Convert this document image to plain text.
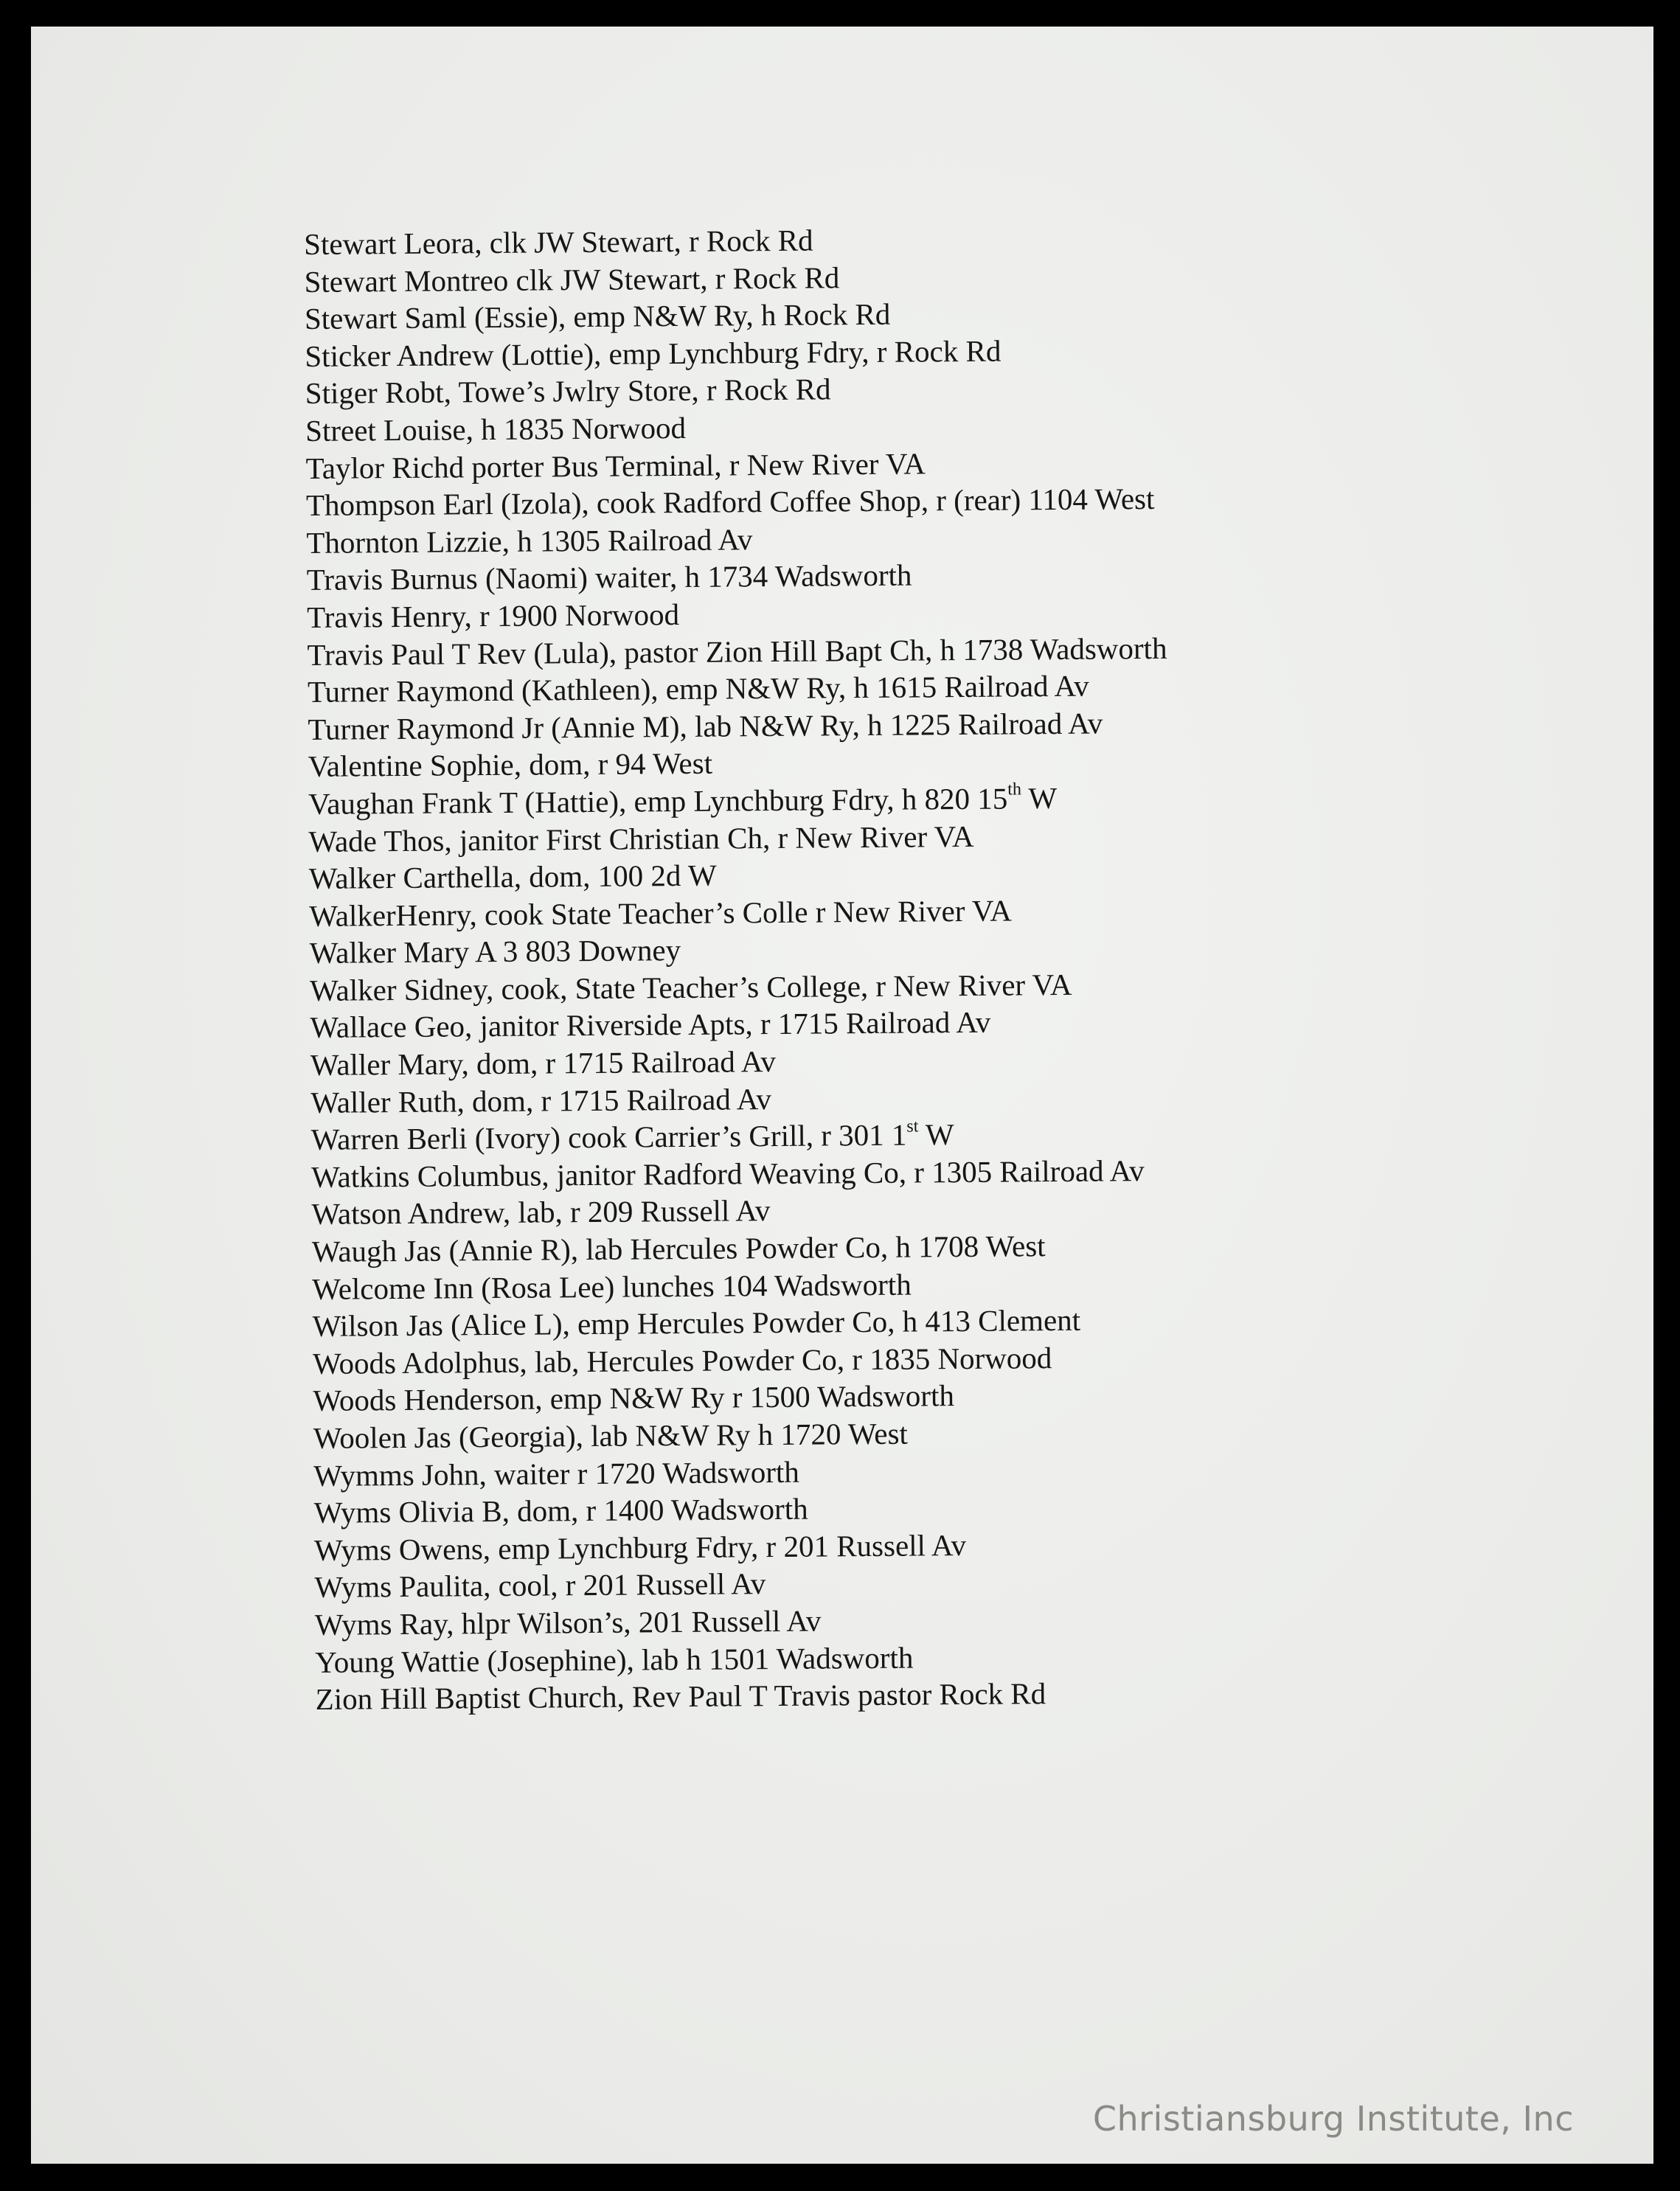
Stewart Leora, clk JW Stewart, r Rock Rd
Stewart Montreo clk JW Stewart, r Rock Rd
Stewart Saml (Essie), emp N&W Ry, h Rock Rd
Sticker Andrew (Lottie), emp Lynchburg Fdry, r Rock Rd
Stiger Robt, Towe’s Jwlry Store, r Rock Rd
Street Louise, h 1835 Norwood
Taylor Richd porter Bus Terminal, r New River VA
Thompson Earl (Izola), cook Radford Coffee Shop, r (rear) 1104 West
Thornton Lizzie, h 1305 Railroad Av
Travis Burnus (Naomi) waiter, h 1734 Wadsworth
Travis Henry, r 1900 Norwood
Travis Paul T Rev (Lula), pastor Zion Hill Bapt Ch, h 1738 Wadsworth
Turner Raymond (Kathleen), emp N&W Ry, h 1615 Railroad Av
Turner Raymond Jr (Annie M), lab N&W Ry, h 1225 Railroad Av
Valentine Sophie, dom, r 94 West
Vaughan Frank T (Hattie), emp Lynchburg Fdry, h 820 15th W
Wade Thos, janitor First Christian Ch, r New River VA
Walker Carthella, dom, 100 2d W
WalkerHenry, cook State Teacher’s Colle r New River VA
Walker Mary A 3 803 Downey
Walker Sidney, cook, State Teacher’s College, r New River VA
Wallace Geo, janitor Riverside Apts, r 1715 Railroad Av
Waller Mary, dom, r 1715 Railroad Av
Waller Ruth, dom, r 1715 Railroad Av
Warren Berli (Ivory) cook Carrier’s Grill, r 301 1st W
Watkins Columbus, janitor Radford Weaving Co, r 1305 Railroad Av
Watson Andrew, lab, r 209 Russell Av
Waugh Jas (Annie R), lab Hercules Powder Co, h 1708 West
Welcome Inn (Rosa Lee) lunches 104 Wadsworth
Wilson Jas (Alice L), emp Hercules Powder Co, h 413 Clement
Woods Adolphus, lab, Hercules Powder Co, r 1835 Norwood
Woods Henderson, emp N&W Ry r 1500 Wadsworth
Woolen Jas (Georgia), lab N&W Ry h 1720 West
Wymms John, waiter r 1720 Wadsworth
Wyms Olivia B, dom, r 1400 Wadsworth
Wyms Owens, emp Lynchburg Fdry, r 201 Russell Av
Wyms Paulita, cool, r 201 Russell Av
Wyms Ray, hlpr Wilson’s, 201 Russell Av
Young Wattie (Josephine), lab h 1501 Wadsworth
Zion Hill Baptist Church, Rev Paul T Travis pastor Rock Rd
Christiansburg Institute, Inc
